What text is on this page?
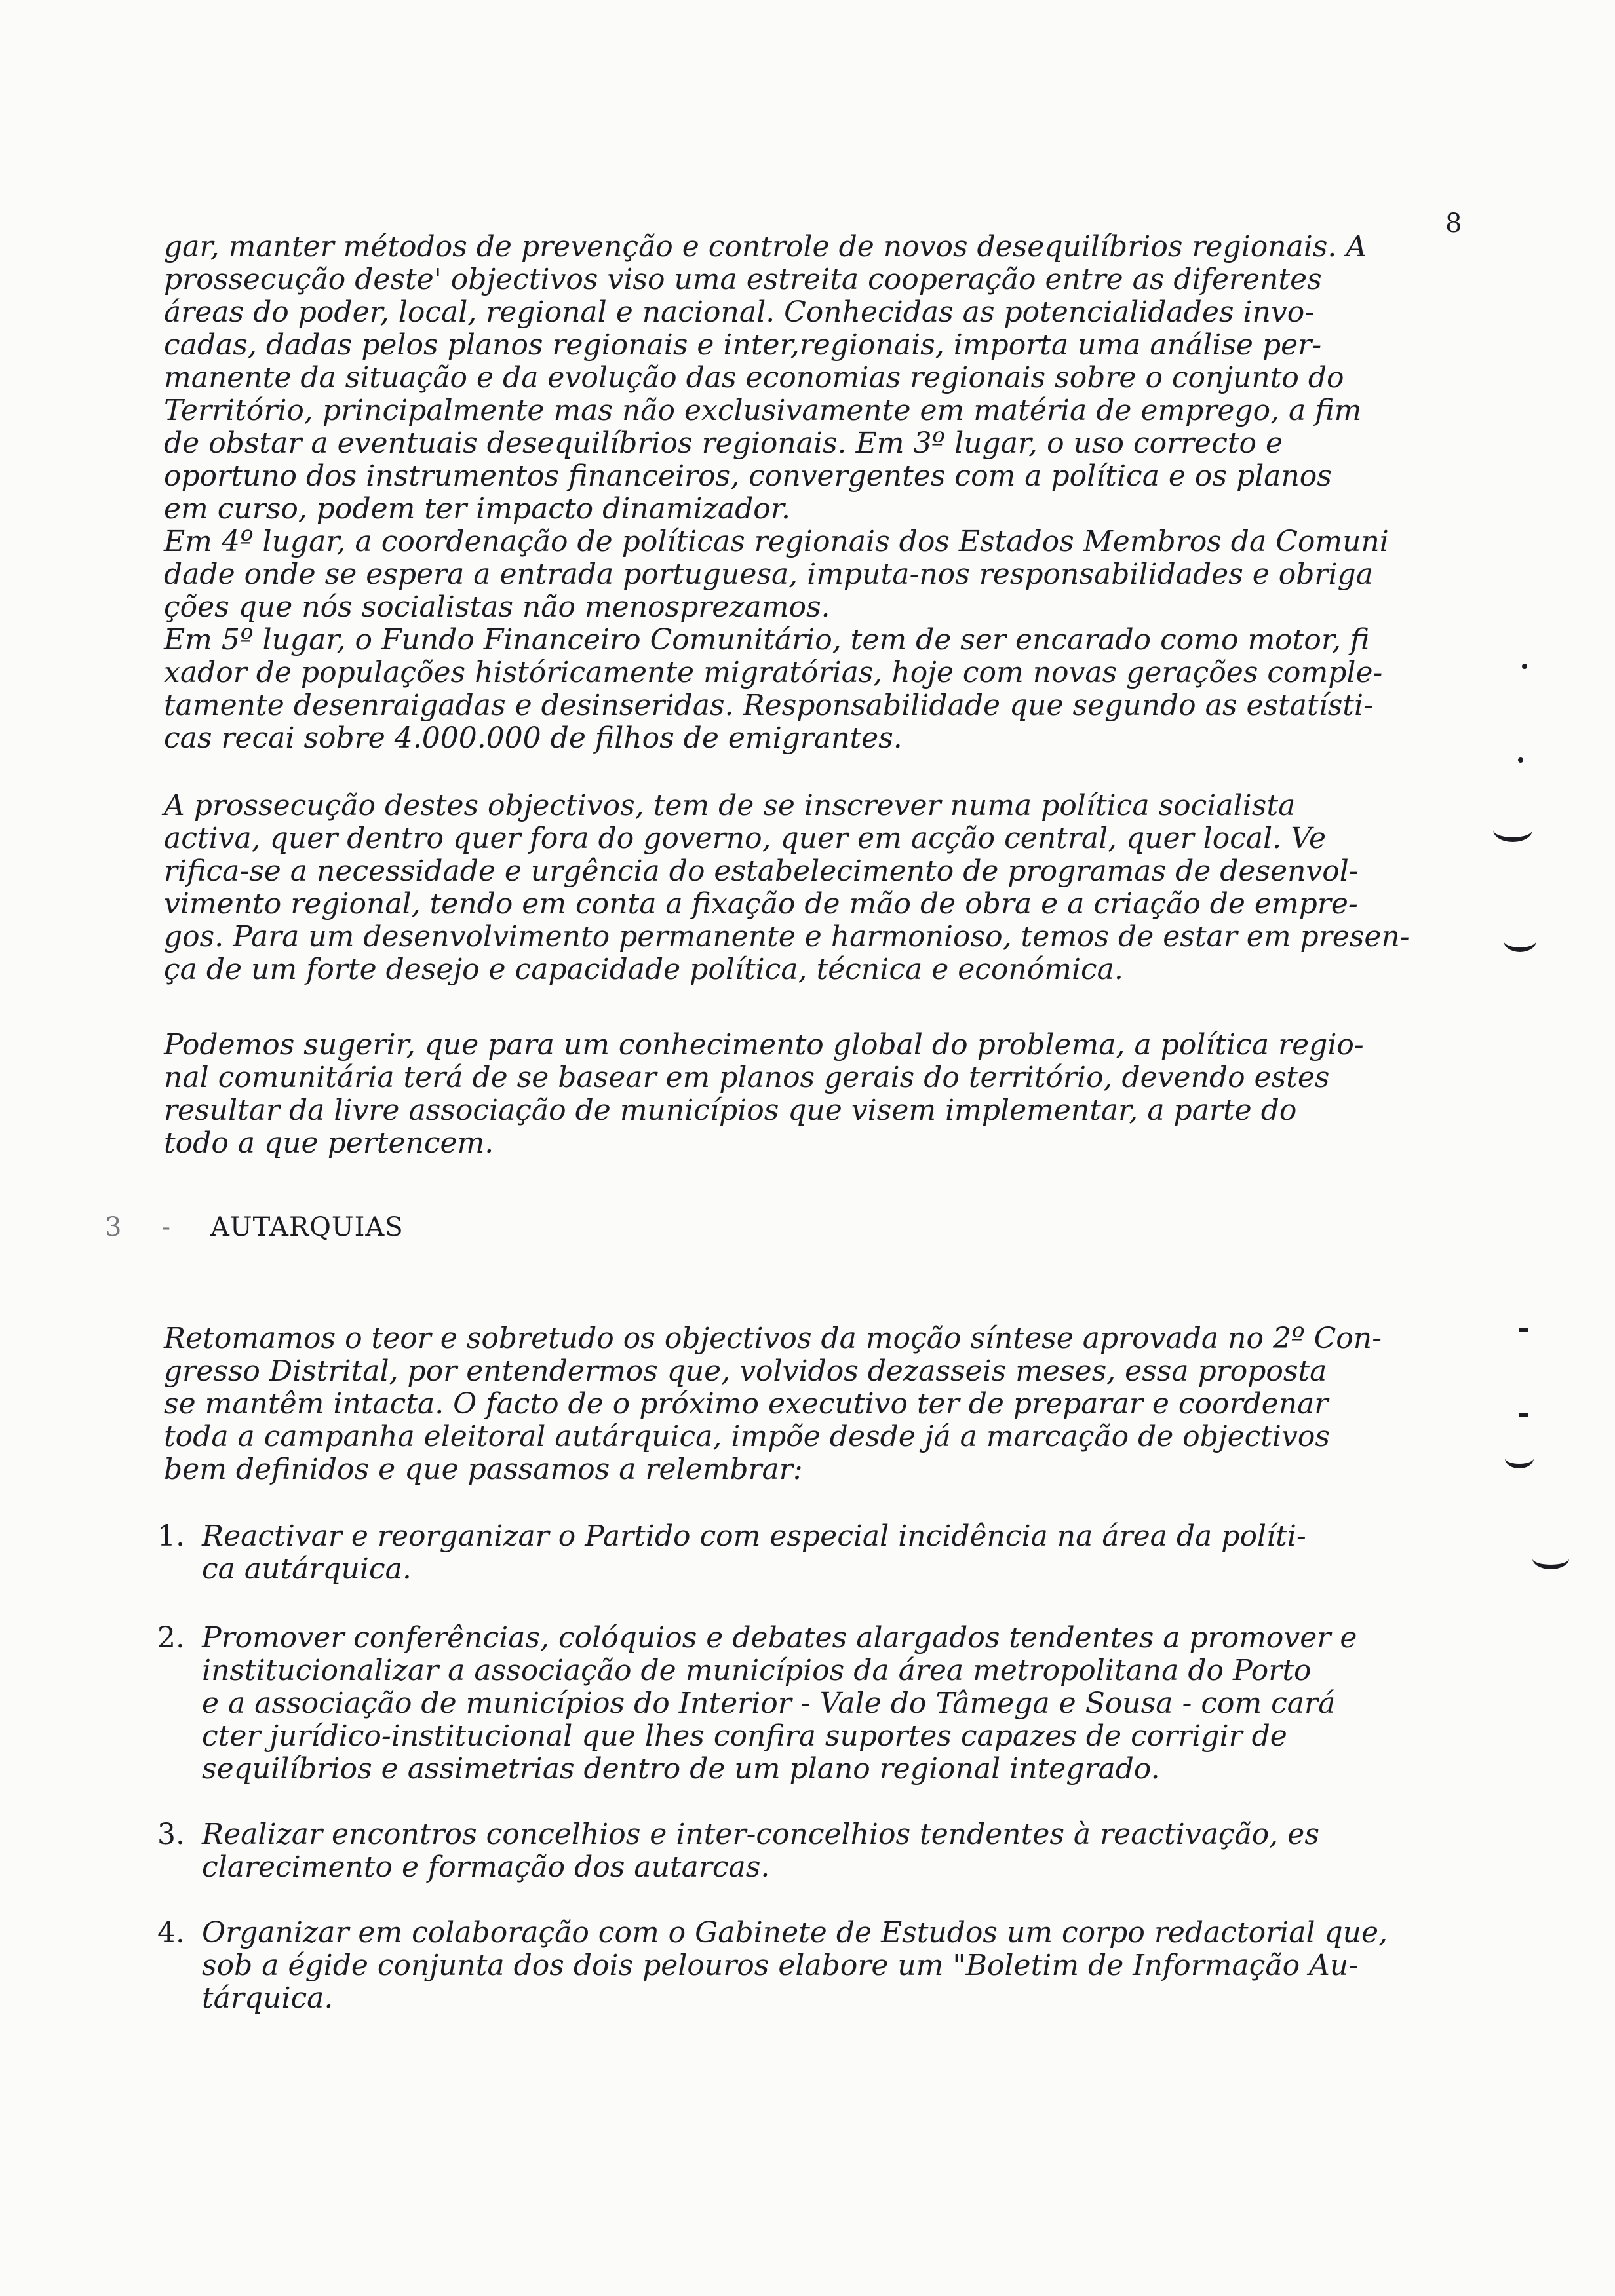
8
gar, manter métodos de prevenção e controle de novos desequilíbrios regionais. A
prossecução deste' objectivos viso uma estreita cooperação entre as diferentes
áreas do poder, local, regional e nacional. Conhecidas as potencialidades invo-
cadas, dadas pelos planos regionais e inter,regionais, importa uma análise per-
manente da situação e da evolução das economias regionais sobre o conjunto do
Território, principalmente mas não exclusivamente em matéria de emprego, a fim
de obstar a eventuais desequilíbrios regionais. Em 3º lugar, o uso correcto e
oportuno dos instrumentos financeiros, convergentes com a política e os planos
em curso, podem ter impacto dinamizador.
Em 4º lugar, a coordenação de políticas regionais dos Estados Membros da Comuni
dade onde se espera a entrada portuguesa, imputa-nos responsabilidades e obriga
ções que nós socialistas não menosprezamos.
Em 5º lugar, o Fundo Financeiro Comunitário, tem de ser encarado como motor, fi
xador de populações históricamente migratórias, hoje com novas gerações comple-
tamente desenraigadas e desinseridas. Responsabilidade que segundo as estatísti-
cas recai sobre 4.000.000 de filhos de emigrantes.
A prossecução destes objectivos, tem de se inscrever numa política socialista
activa, quer dentro quer fora do governo, quer em acção central, quer local. Ve
rifica-se a necessidade e urgência do estabelecimento de programas de desenvol-
vimento regional, tendo em conta a fixação de mão de obra e a criação de empre-
gos. Para um desenvolvimento permanente e harmonioso, temos de estar em presen-
ça de um forte desejo e capacidade política, técnica e económica.
Podemos sugerir, que para um conhecimento global do problema, a política regio-
nal comunitária terá de se basear em planos gerais do território, devendo estes
resultar da livre associação de municípios que visem implementar, a parte do
todo a que pertencem.
3 - AUTARQUIAS
Retomamos o teor e sobretudo os objectivos da moção síntese aprovada no 2º Con-
gresso Distrital, por entendermos que, volvidos dezasseis meses, essa proposta
se mantêm intacta. O facto de o próximo executivo ter de preparar e coordenar
toda a campanha eleitoral autárquica, impõe desde já a marcação de objectivos
bem definidos e que passamos a relembrar:
1. Reactivar e reorganizar o Partido com especial incidência na área da políti-
ca autárquica.
2. Promover conferências, colóquios e debates alargados tendentes a promover e
institucionalizar a associação de municípios da área metropolitana do Porto
e a associação de municípios do Interior - Vale do Tâmega e Sousa - com cará
cter jurídico-institucional que lhes confira suportes capazes de corrigir de
sequilíbrios e assimetrias dentro de um plano regional integrado.
3. Realizar encontros concelhios e inter-concelhios tendentes à reactivação, es
clarecimento e formação dos autarcas.
4. Organizar em colaboração com o Gabinete de Estudos um corpo redactorial que,
sob a égide conjunta dos dois pelouros elabore um "Boletim de Informação Au-
tárquica.
